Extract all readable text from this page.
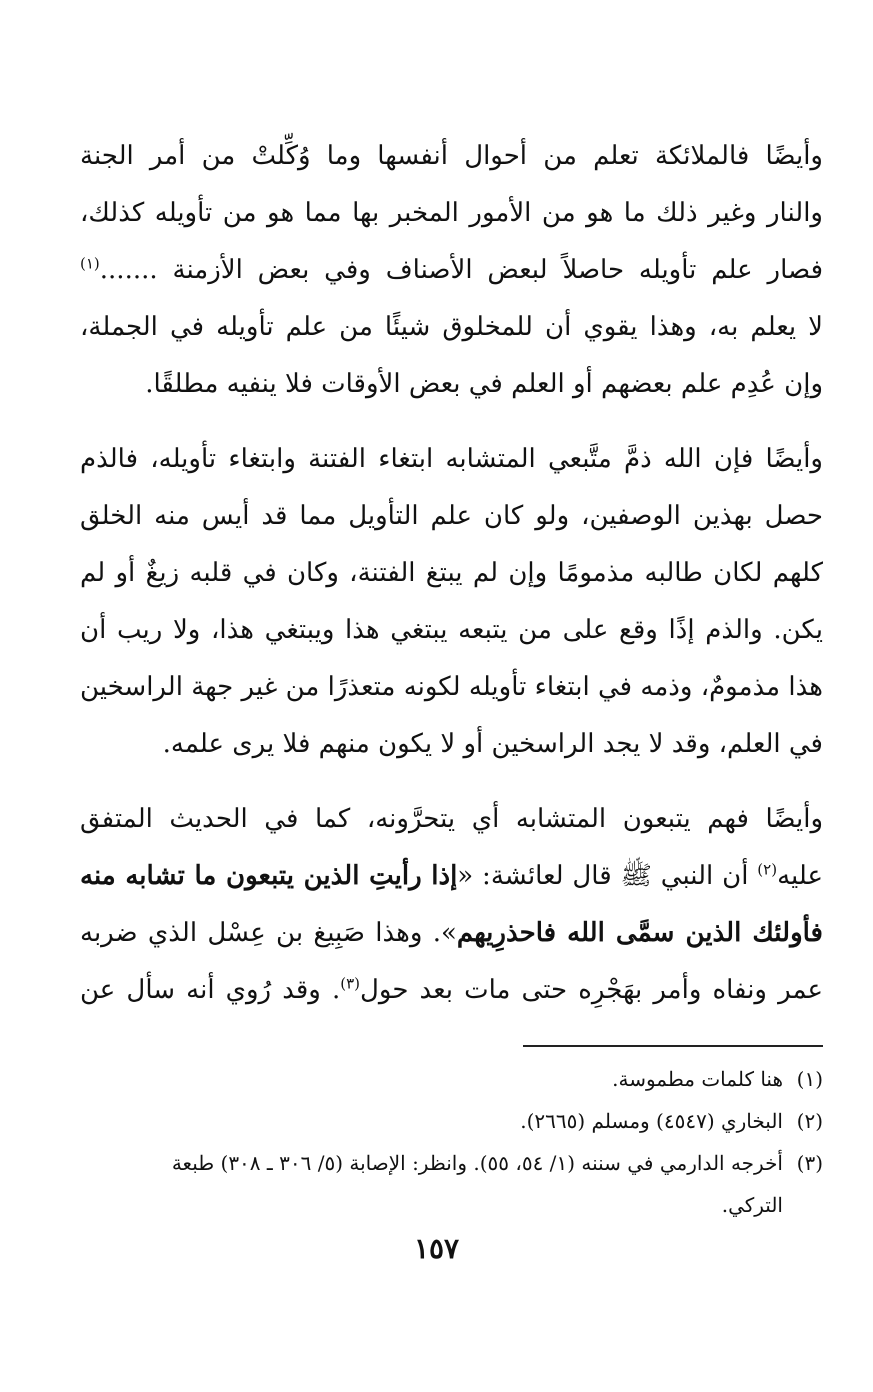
وأيضًا فالملائكة تعلم من أحوال أنفسها وما وُكِّلتْ من أمر الجنة
والنار وغير ذلك ما هو من الأمور المخبر بها مما هو من تأويله كذلك،
فصار علم تأويله حاصلاً لبعض الأصناف وفي بعض الأزمنة .......$^{(١)}$
لا يعلم به، وهذا يقوي أن للمخلوق شيئًا من علم تأويله في الجملة،
وإن عُدِم علم بعضهم أو العلم في بعض الأوقات فلا ينفيه مطلقًا.
وأيضًا فإن الله ذمَّ متَّبعي المتشابه ابتغاء الفتنة وابتغاء تأويله، فالذم
حصل بهذين الوصفين، ولو كان علم التأويل مما قد أيس منه الخلق
كلهم لكان طالبه مذمومًا وإن لم يبتغ الفتنة، وكان في قلبه زيغٌ أو لم
يكن. والذم إذًا وقع على من يتبعه يبتغي هذا ويبتغي هذا، ولا ريب أن
هذا مذمومٌ، وذمه في ابتغاء تأويله لكونه متعذرًا من غير جهة الراسخين
في العلم، وقد لا يجد الراسخين أو لا يكون منهم فلا يرى علمه.
وأيضًا فهم يتبعون المتشابه أي يتحرَّونه، كما في الحديث المتفق
عليه$^{(٢)}$ أن النبي ﷺ قال لعائشة: «إذا رأيتِ الذين يتبعون ما تشابه منه
فأولئك الذين سمَّى الله فاحذرِيهم». وهذا صَبِيغ بن عِسْل الذي ضربه
عمر ونفاه وأمر بهَجْرِه حتى مات بعد حول$^{(٣)}$. وقد رُوي أنه سأل عن
(١)
هنا كلمات مطموسة.
(٢)
البخاري (٤٥٤٧) ومسلم (٢٦٦٥).
(٣)
أخرجه الدارمي في سننه (١/ ٥٤، ٥٥). وانظر: الإصابة (٥/ ٣٠٦ ـ ٣٠٨) طبعة
التركي.
١٥٧
